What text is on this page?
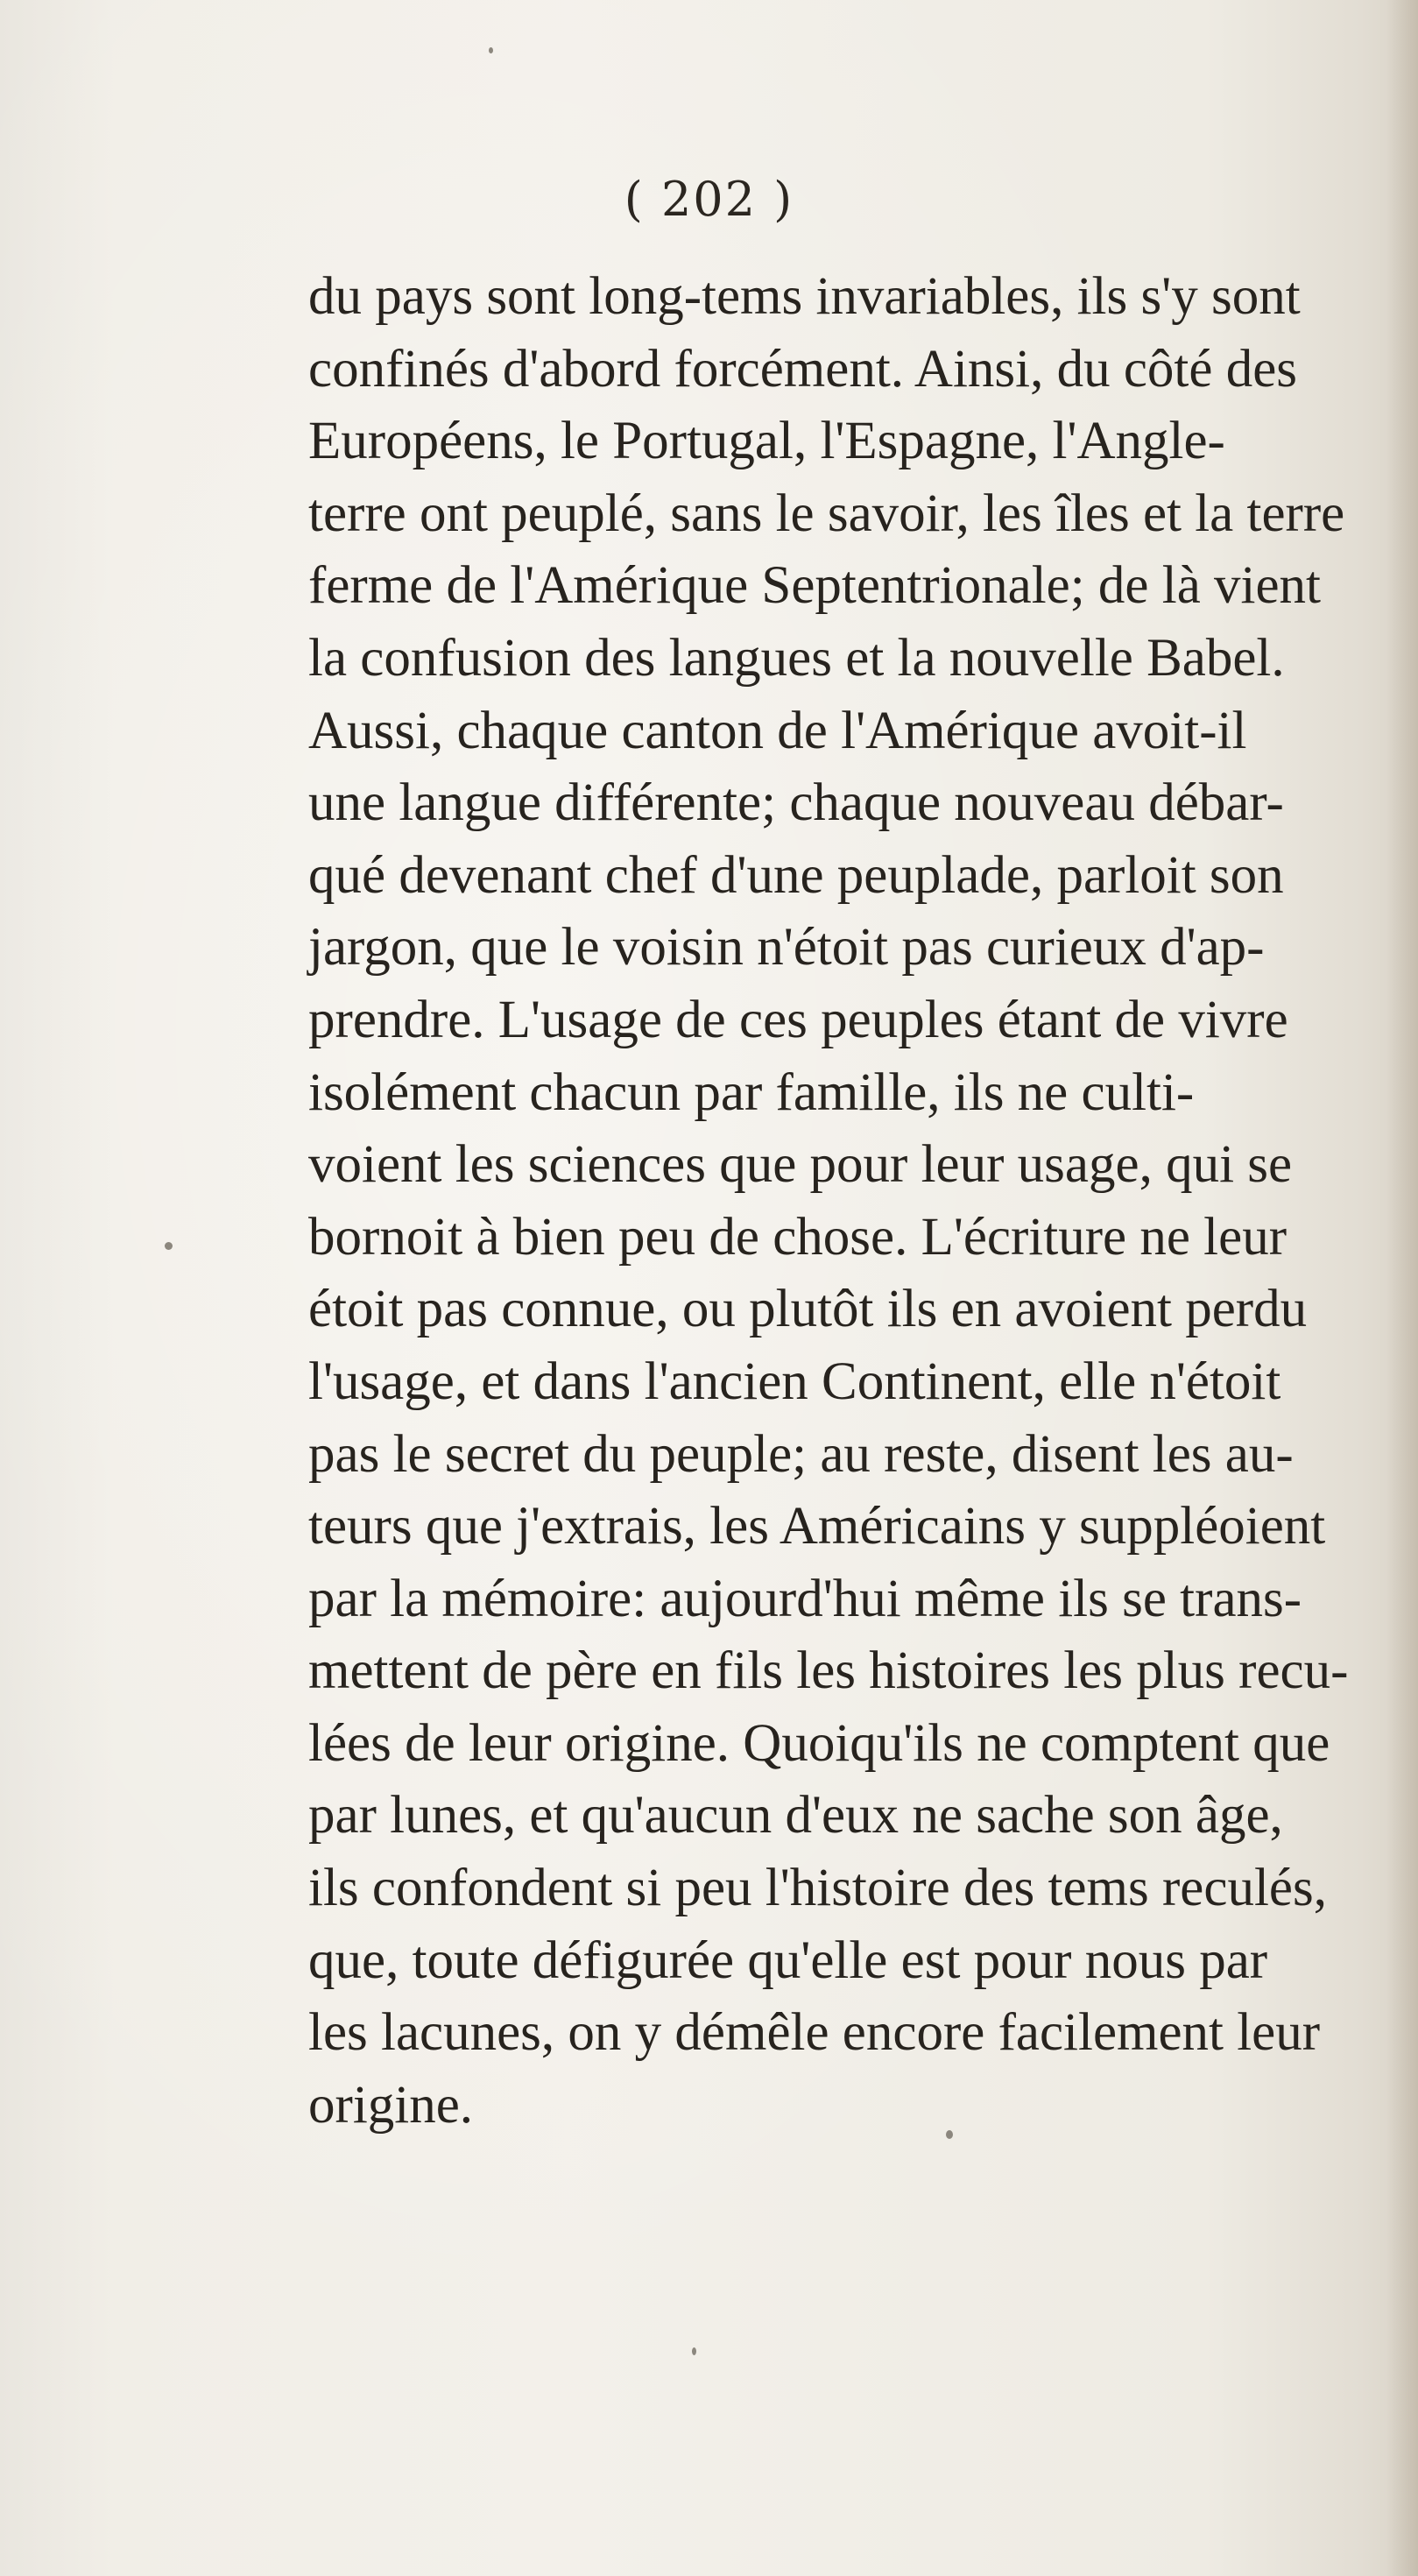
( 202 )
du pays sont long-tems invariables, ils s'y sont
confinés d'abord forcément. Ainsi, du côté des
Européens, le Portugal, l'Espagne, l'Angle-
terre ont peuplé, sans le savoir, les îles et la terre
ferme de l'Amérique Septentrionale; de là vient
la confusion des langues et la nouvelle Babel.
Aussi, chaque canton de l'Amérique avoit-il
une langue différente; chaque nouveau débar-
qué devenant chef d'une peuplade, parloit son
jargon, que le voisin n'étoit pas curieux d'ap-
prendre. L'usage de ces peuples étant de vivre
isolément chacun par famille, ils ne culti-
voient les sciences que pour leur usage, qui se
bornoit à bien peu de chose. L'écriture ne leur
étoit pas connue, ou plutôt ils en avoient perdu
l'usage, et dans l'ancien Continent, elle n'étoit
pas le secret du peuple; au reste, disent les au-
teurs que j'extrais, les Américains y suppléoient
par la mémoire: aujourd'hui même ils se trans-
mettent de père en fils les histoires les plus recu-
lées de leur origine. Quoiqu'ils ne comptent que
par lunes, et qu'aucun d'eux ne sache son âge,
ils confondent si peu l'histoire des tems reculés,
que, toute défigurée qu'elle est pour nous par
les lacunes, on y démêle encore facilement leur
origine.
